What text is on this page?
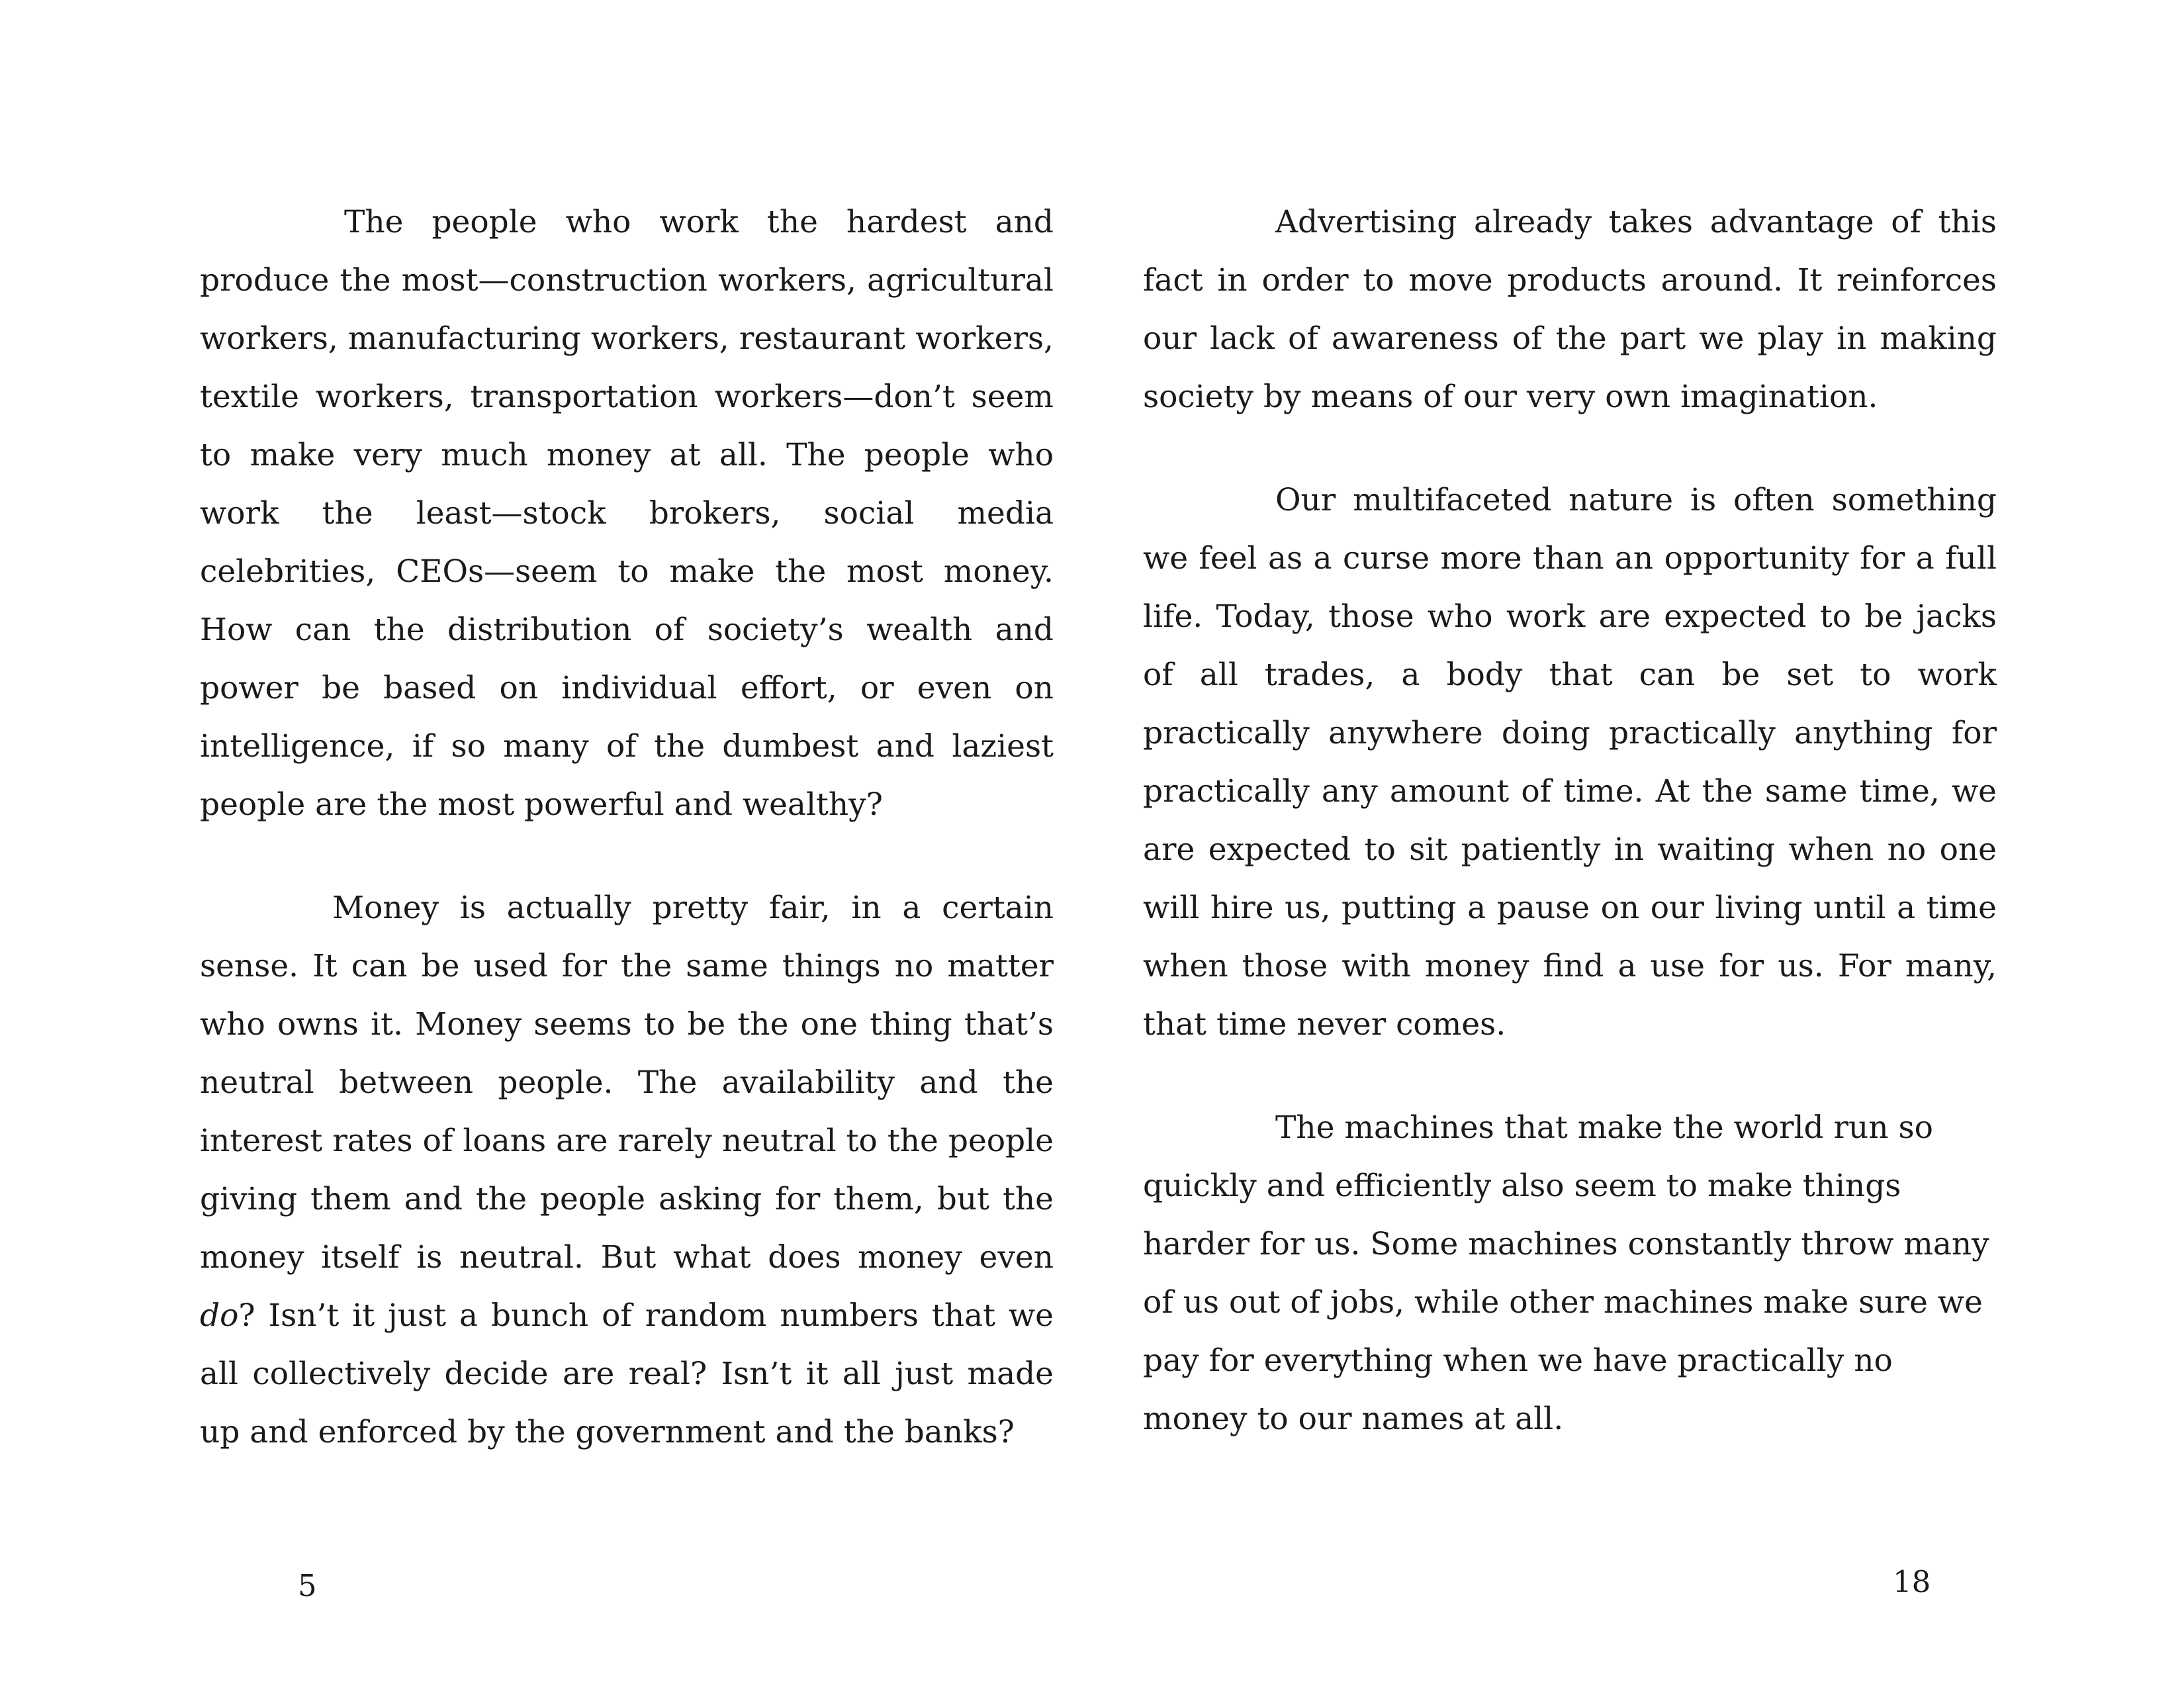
The people who work the hardest and produce the most—construction workers, agricultural workers, manufacturing workers, restaurant workers, textile workers, transportation workers—don’t seem to make very much money at all. The people who work the least—stock brokers, social media celebrities, CEOs—seem to make the most money. How can the distribution of society’s wealth and power be based on individual effort, or even on intelligence, if so many of the dumbest and laziest people are the most powerful and wealthy?

Money is actually pretty fair, in a certain sense. It can be used for the same things no matter who owns it. Money seems to be the one thing that’s neutral between people. The availability and the interest rates of loans are rarely neutral to the people giving them and the people asking for them, but the money itself is neutral. But what does money even do? Isn’t it just a bunch of random numbers that we all collectively decide are real? Isn’t it all just made up and enforced by the government and the banks?

Advertising already takes advantage of this fact in order to move products around. It reinforces our lack of awareness of the part we play in making society by means of our very own imagination.

Our multifaceted nature is often something we feel as a curse more than an opportunity for a full life. Today, those who work are expected to be jacks of all trades, a body that can be set to work practically anywhere doing practically anything for practically any amount of time. At the same time, we are expected to sit patiently in waiting when no one will hire us, putting a pause on our living until a time when those with money find a use for us. For many, that time never comes.

The machines that make the world run so quickly and efficiently also seem to make things harder for us. Some machines constantly throw many of us out of jobs, while other machines make sure we pay for everything when we have practically no money to our names at all.

5	18
